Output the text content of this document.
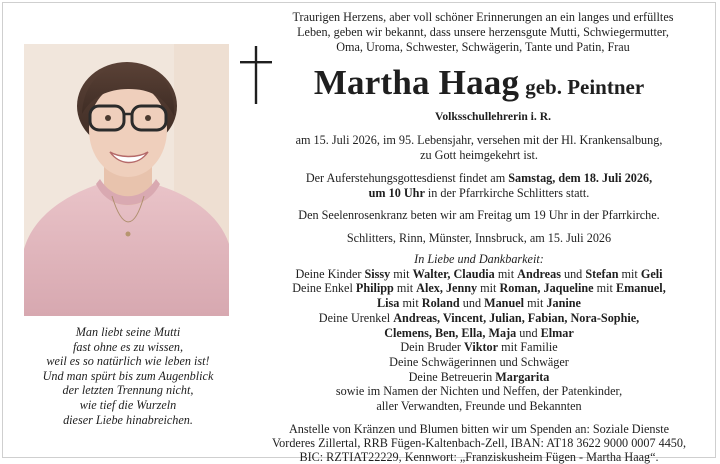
Man liebt seine Mutti
fast ohne es zu wissen,
weil es so natürlich wie leben ist!
Und man spürt bis zum Augenblick
der letzten Trennung nicht,
wie tief die Wurzeln
dieser Liebe hinabreichen.
Traurigen Herzens, aber voll schöner Erinnerungen an ein langes und erfülltes
Leben, geben wir bekannt, dass unsere herzensgute Mutti, Schwiegermutter,
Oma, Uroma, Schwester, Schwägerin, Tante und Patin, Frau
Martha Haag geb. Peintner
Volksschullehrerin i. R.
am 15. Juli 2026, im 95. Lebensjahr, versehen mit der Hl. Krankensalbung,
zu Gott heimgekehrt ist.
Der Auferstehungsgottesdienst findet am Samstag, dem 18. Juli 2026,
um 10 Uhr in der Pfarrkirche Schlitters statt.
Den Seelenrosenkranz beten wir am Freitag um 19 Uhr in der Pfarrkirche.
Schlitters, Rinn, Münster, Innsbruck, am 15. Juli 2026
In Liebe und Dankbarkeit:
Deine Kinder Sissy mit Walter, Claudia mit Andreas und Stefan mit Geli
Deine Enkel Philipp mit Alex, Jenny mit Roman, Jaqueline mit Emanuel,
Lisa mit Roland und Manuel mit Janine
Deine Urenkel Andreas, Vincent, Julian, Fabian, Nora-Sophie,
Clemens, Ben, Ella, Maja und Elmar
Dein Bruder Viktor mit Familie
Deine Schwägerinnen und Schwäger
Deine Betreuerin Margarita
sowie im Namen der Nichten und Neffen, der Patenkinder,
aller Verwandten, Freunde und Bekannten
Anstelle von Kränzen und Blumen bitten wir um Spenden an: Soziale Dienste
Vorderes Zillertal, RRB Fügen-Kaltenbach-Zell, IBAN: AT18 3622 9000 0007 4450,
BIC: RZTIAT22229, Kennwort: „Franziskusheim Fügen - Martha Haag“.
